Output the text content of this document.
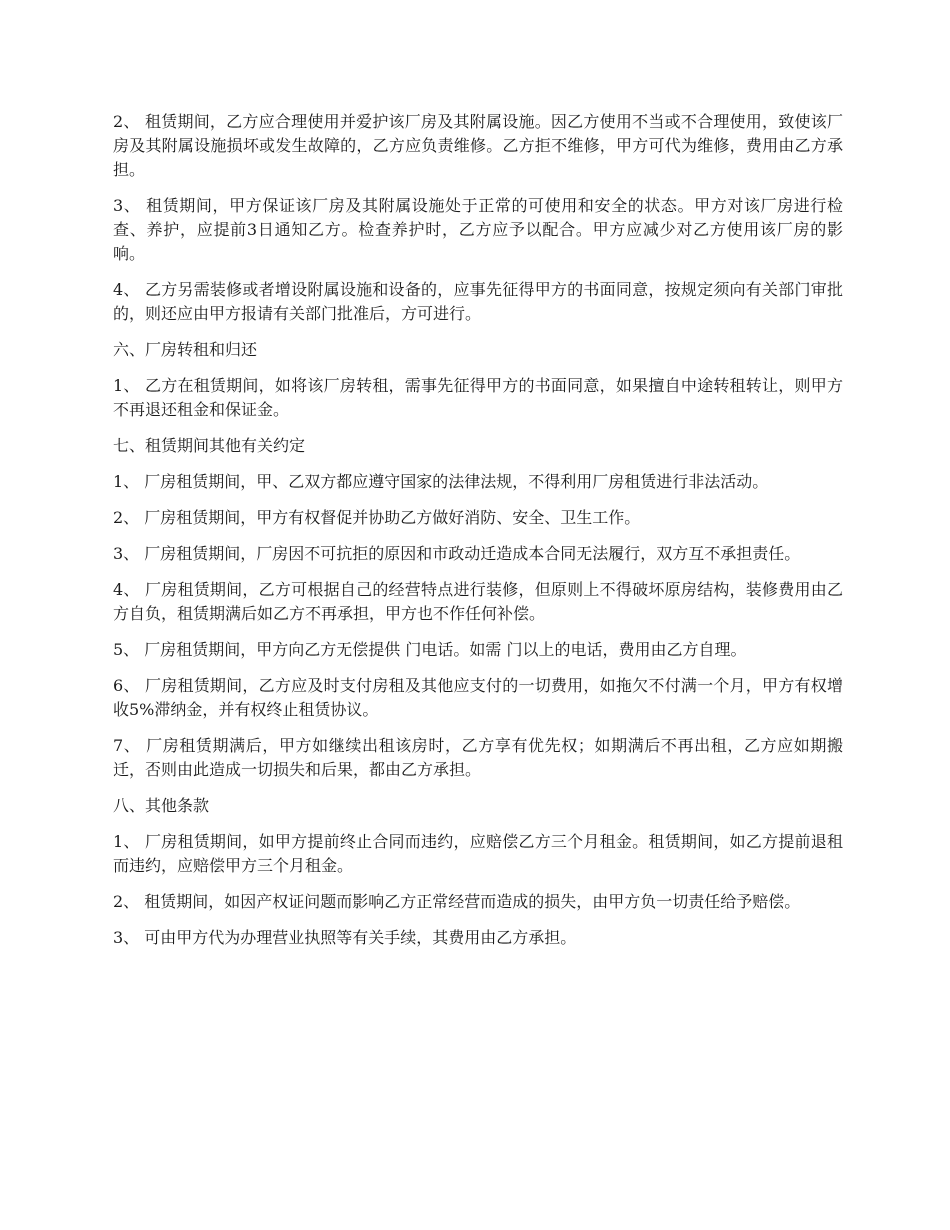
2、 租赁期间，乙方应合理使用并爱护该厂房及其附属设施。因乙方使用不当或不合理使用，致使该厂房及其附属设施损坏或发生故障的，乙方应负责维修。乙方拒不维修，甲方可代为维修，费用由乙方承担。

3、 租赁期间，甲方保证该厂房及其附属设施处于正常的可使用和安全的状态。甲方对该厂房进行检查、养护，应提前3日通知乙方。检查养护时，乙方应予以配合。甲方应减少对乙方使用该厂房的影响。

4、 乙方另需装修或者增设附属设施和设备的，应事先征得甲方的书面同意，按规定须向有关部门审批的，则还应由甲方报请有关部门批准后，方可进行。

六、厂房转租和归还

1、 乙方在租赁期间，如将该厂房转租，需事先征得甲方的书面同意，如果擅自中途转租转让，则甲方不再退还租金和保证金。

七、租赁期间其他有关约定

1、 厂房租赁期间，甲、乙双方都应遵守国家的法律法规，不得利用厂房租赁进行非法活动。

2、 厂房租赁期间，甲方有权督促并协助乙方做好消防、安全、卫生工作。

3、 厂房租赁期间，厂房因不可抗拒的原因和市政动迁造成本合同无法履行，双方互不承担责任。

4、 厂房租赁期间，乙方可根据自己的经营特点进行装修，但原则上不得破坏原房结构，装修费用由乙方自负，租赁期满后如乙方不再承担，甲方也不作任何补偿。

5、 厂房租赁期间，甲方向乙方无偿提供 门电话。如需 门以上的电话，费用由乙方自理。

6、 厂房租赁期间，乙方应及时支付房租及其他应支付的一切费用，如拖欠不付满一个月，甲方有权增收5%滞纳金，并有权终止租赁协议。

7、 厂房租赁期满后，甲方如继续出租该房时，乙方享有优先权；如期满后不再出租，乙方应如期搬迁，否则由此造成一切损失和后果，都由乙方承担。

八、其他条款

1、 厂房租赁期间，如甲方提前终止合同而违约，应赔偿乙方三个月租金。租赁期间，如乙方提前退租而违约，应赔偿甲方三个月租金。

2、 租赁期间，如因产权证问题而影响乙方正常经营而造成的损失，由甲方负一切责任给予赔偿。

3、 可由甲方代为办理营业执照等有关手续，其费用由乙方承担。
